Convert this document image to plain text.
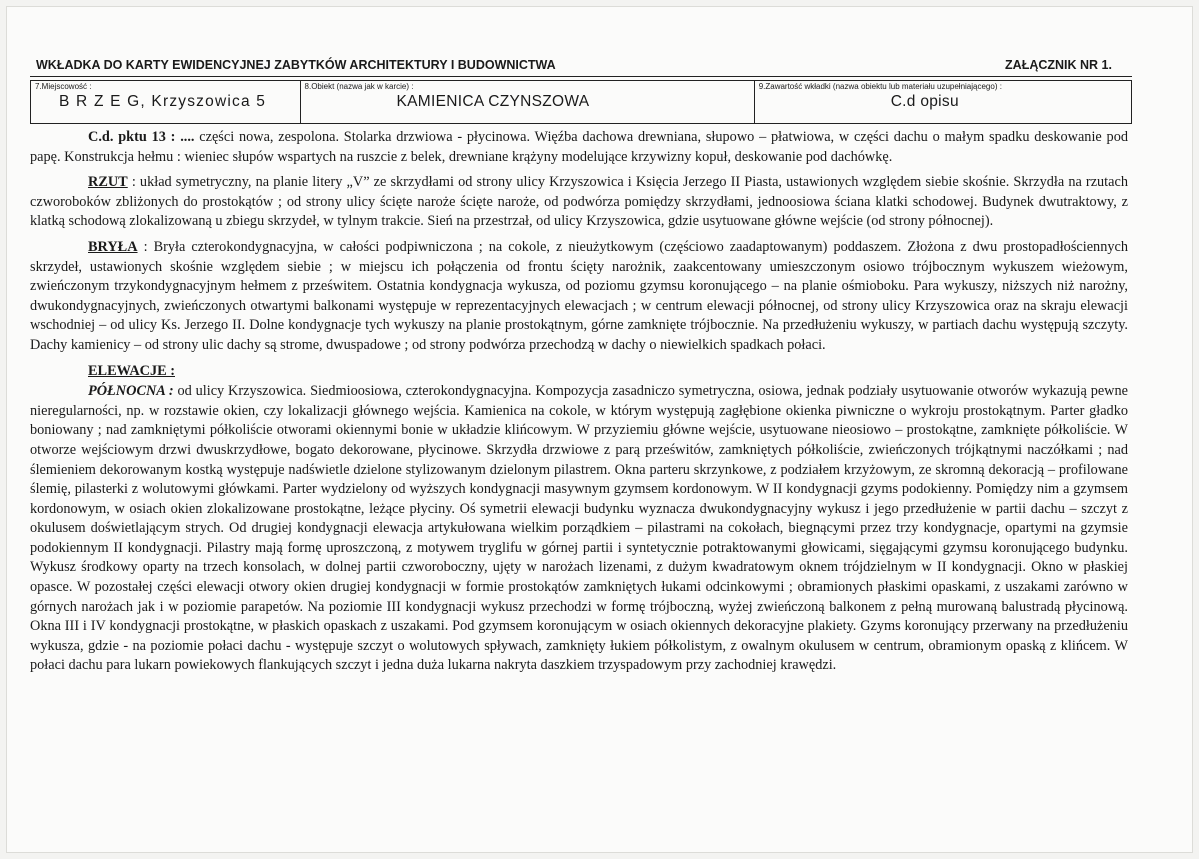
WKŁADKA DO KARTY EWIDENCYJNEJ ZABYTKÓW ARCHITEKTURY I BUDOWNICTWA	ZAŁĄCZNIK NR 1.
7.Miejscowość :
B R Z E G, Krzyszowica 5
8.Obiekt (nazwa jak w karcie) :
KAMIENICA CZYNSZOWA
9.Zawartość wkładki (nazwa obiektu lub materiału uzupełniającego) :
C.d opisu

C.d. pktu 13 : .... części nowa, zespolona. Stolarka drzwiowa - płycinowa. Więźba dachowa drewniana, słupowo – płatwiowa, w części dachu o małym spadku deskowanie pod papę. Konstrukcja hełmu : wieniec słupów wspartych na ruszcie z belek, drewniane krążyny modelujące krzywizny kopuł, deskowanie pod dachówkę.

RZUT : układ symetryczny, na planie litery „V” ze skrzydłami od strony ulicy Krzyszowica i Księcia Jerzego II Piasta, ustawionych względem siebie skośnie. Skrzydła na rzutach czworoboków zbliżonych do prostokątów ; od strony ulicy ścięte naroże ścięte naroże, od podwórza pomiędzy skrzydłami, jednoosiowa ściana klatki schodowej. Budynek dwutraktowy, z klatką schodową zlokalizowaną u zbiegu skrzydeł, w tylnym trakcie. Sień na przestrzał, od ulicy Krzyszowica, gdzie usytuowane główne wejście (od strony północnej).

BRYŁA : Bryła czterokondygnacyjna, w całości podpiwniczona ; na cokole, z nieużytkowym (częściowo zaadaptowanym) poddaszem. Złożona z dwu prostopadłościennych skrzydeł, ustawionych skośnie względem siebie ; w miejscu ich połączenia od frontu ścięty narożnik, zaakcentowany umieszczonym osiowo trójbocznym wykuszem wieżowym, zwieńczonym trzykondygnacyjnym hełmem z prześwitem. Ostatnia kondygnacja wykusza, od poziomu gzymsu koronującego – na planie ośmioboku. Para wykuszy, niższych niż narożny, dwukondygnacyjnych, zwieńczonych otwartymi balkonami występuje w reprezentacyjnych elewacjach ; w centrum elewacji północnej, od strony ulicy Krzyszowica oraz na skraju elewacji wschodniej – od ulicy Ks. Jerzego II. Dolne kondygnacje tych wykuszy na planie prostokątnym, górne zamknięte trójbocznie. Na przedłużeniu wykuszy, w partiach dachu występują szczyty. Dachy kamienicy – od strony ulic dachy są strome, dwuspadowe ; od strony podwórza przechodzą w dachy o niewielkich spadkach połaci.

ELEWACJE :

PÓŁNOCNA : od ulicy Krzyszowica. Siedmioosiowa, czterokondygnacyjna. Kompozycja zasadniczo symetryczna, osiowa, jednak podziały usytuowanie otworów wykazują pewne nieregularności, np. w rozstawie okien, czy lokalizacji głównego wejścia. Kamienica na cokole, w którym występują zagłębione okienka piwniczne o wykroju prostokątnym. Parter gładko boniowany ; nad zamkniętymi półkoliście otworami okiennymi bonie w układzie klińcowym. W przyziemiu główne wejście, usytuowane nieosiowo – prostokątne, zamknięte półkoliście. W otworze wejściowym drzwi dwuskrzydłowe, bogato dekorowane, płycinowe. Skrzydła drzwiowe z parą prześwitów, zamkniętych półkoliście, zwieńczonych trójkątnymi naczółkami ; nad ślemieniem dekorowanym kostką występuje nadświetle dzielone stylizowanym dzielonym pilastrem. Okna parteru skrzynkowe, z podziałem krzyżowym, ze skromną dekoracją – profilowane ślemię, pilasterki z wolutowymi główkami. Parter wydzielony od wyższych kondygnacji masywnym gzymsem kordonowym. W II kondygnacji gzyms podokienny. Pomiędzy nim a gzymsem kordonowym, w osiach okien zlokalizowane prostokątne, leżące płyciny. Oś symetrii elewacji budynku wyznacza dwukondygnacyjny wykusz i jego przedłużenie w partii dachu – szczyt z okulusem doświetlającym strych. Od drugiej kondygnacji elewacja artykułowana wielkim porządkiem – pilastrami na cokołach, biegnącymi przez trzy kondygnacje, opartymi na gzymsie podokiennym II kondygnacji. Pilastry mają formę uproszczoną, z motywem tryglifu w górnej partii i syntetycznie potraktowanymi głowicami, sięgającymi gzymsu koronującego budynku. Wykusz środkowy oparty na trzech konsolach, w dolnej partii czworoboczny, ujęty w narożach lizenami, z dużym kwadratowym oknem trójdzielnym w II kondygnacji. Okno w płaskiej opasce. W pozostałej części elewacji otwory okien drugiej kondygnacji w formie prostokątów zamkniętych łukami odcinkowymi ; obramionych płaskimi opaskami, z uszakami zarówno w górnych narożach jak i w poziomie parapetów. Na poziomie III kondygnacji wykusz przechodzi w formę trójboczną, wyżej zwieńczoną balkonem z pełną murowaną balustradą płycinową. Okna III i IV kondygnacji prostokątne, w płaskich opaskach z uszakami. Pod gzymsem koronującym w osiach okiennych dekoracyjne plakiety. Gzyms koronujący przerwany na przedłużeniu wykusza, gdzie - na poziomie połaci dachu - występuje szczyt o wolutowych spływach, zamknięty łukiem półkolistym, z owalnym okulusem w centrum, obramionym opaską z klińcem. W połaci dachu para lukarn powiekowych flankujących szczyt i jedna duża lukarna nakryta daszkiem trzyspadowym przy zachodniej krawędzi.
